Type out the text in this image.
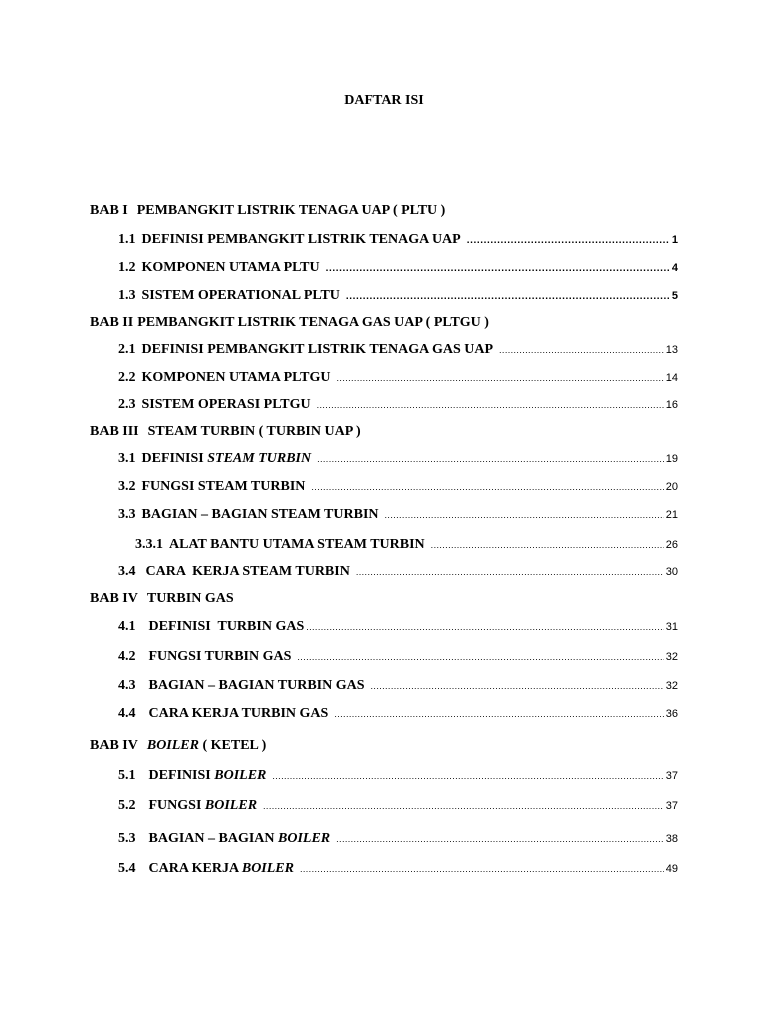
DAFTAR ISI
BAB I PEMBANGKIT LISTRIK TENAGA UAP ( PLTU )
1.1 DEFINISI PEMBANGKIT LISTRIK TENAGA UAP .....	1
1.2 KOMPONEN UTAMA PLTU .....	4
1.3 SISTEM OPERATIONAL PLTU .....	5
BAB II PEMBANGKIT LISTRIK TENAGA GAS UAP ( PLTGU )
2.1 DEFINISI PEMBANGKIT LISTRIK TENAGA GAS UAP .....	13
2.2 KOMPONEN UTAMA PLTGU .....	14
2.3 SISTEM OPERASI PLTGU .....	16
BAB III STEAM TURBIN ( TURBIN UAP )
3.1 DEFINISI STEAM TURBIN .....	19
3.2 FUNGSI STEAM TURBIN .....	20
3.3 BAGIAN – BAGIAN STEAM TURBIN .....	21
3.3.1 ALAT BANTU UTAMA STEAM TURBIN .....	26
3.4 CARA  KERJA STEAM TURBIN .....	30
BAB IV TURBIN GAS
4.1 DEFINISI  TURBIN GAS .....	31
4.2 FUNGSI TURBIN GAS .....	32
4.3 BAGIAN – BAGIAN TURBIN GAS .....	32
4.4 CARA KERJA TURBIN GAS .....	36
BAB IV BOILER ( KETEL )
5.1 DEFINISI BOILER .....	37
5.2 FUNGSI BOILER .....	37
5.3 BAGIAN – BAGIAN BOILER .....	38
5.4 CARA KERJA BOILER .....	49
